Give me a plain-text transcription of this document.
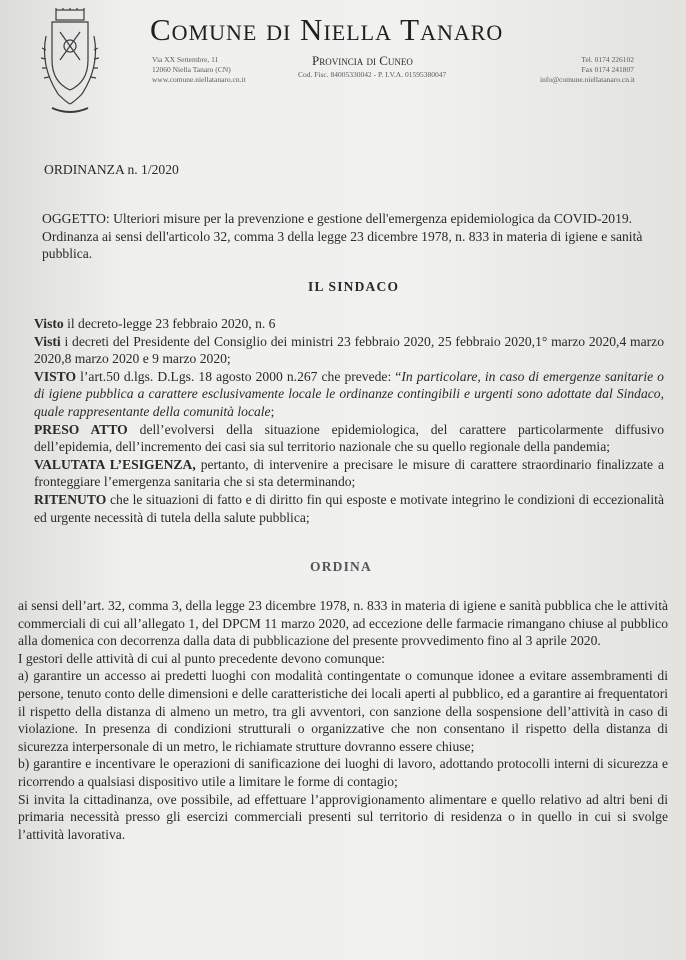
Comune di Niella Tanaro
Via XX Settembre, 11
12060 Niella Tanaro (CN)
www.comune.niellatanaro.cn.it

Provincia di Cuneo

Cod. Fisc. 84005330042 - P. I.V.A. 01595380047
Tel. 0174 226102
Fax 0174 241807
info@comune.niellatanaro.cn.it

ORDINANZA n. 1/2020

OGGETTO: Ulteriori misure per la prevenzione e gestione dell'emergenza epidemiologica da COVID-2019. Ordinanza ai sensi dell'articolo 32, comma 3 della legge 23 dicembre 1978, n. 833 in materia di igiene e sanità pubblica.

IL SINDACO

Visto il decreto-legge 23 febbraio 2020, n. 6

Visti i decreti del Presidente del Consiglio dei ministri 23 febbraio 2020, 25 febbraio 2020,1° marzo 2020,4 marzo 2020,8 marzo 2020 e 9 marzo 2020;

VISTO l’art.50 d.lgs. D.Lgs. 18 agosto 2000 n.267 che prevede: “In particolare, in caso di emergenze sanitarie o di igiene pubblica a carattere esclusivamente locale le ordinanze contingibili e urgenti sono adottate dal Sindaco, quale rappresentante della comunità locale;

PRESO ATTO dell’evolversi della situazione epidemiologica, del carattere particolarmente diffusivo dell’epidemia, dell’incremento dei casi sia sul territorio nazionale che su quello regionale della pandemia;

VALUTATA L’ESIGENZA, pertanto, di intervenire a precisare le misure di carattere straordinario finalizzate a fronteggiare l’emergenza sanitaria che si sta determinando;

RITENUTO che le situazioni di fatto e di diritto fin qui esposte e motivate integrino le condizioni di eccezionalità ed urgente necessità di tutela della salute pubblica;

ORDINA

ai sensi dell’art. 32, comma 3, della legge 23 dicembre 1978, n. 833 in materia di igiene e sanità pubblica che le attività commerciali di cui all’allegato 1, del DPCM 11 marzo 2020, ad eccezione delle farmacie rimangano chiuse al pubblico alla domenica con decorrenza dalla data di pubblicazione del presente provvedimento fino al 3 aprile 2020.

I gestori delle attività di cui al punto precedente devono comunque:

a) garantire un accesso ai predetti luoghi con modalità contingentate o comunque idonee a evitare assembramenti di persone, tenuto conto delle dimensioni e delle caratteristiche dei locali aperti al pubblico, ed a garantire ai frequentatori il rispetto della distanza di almeno un metro, tra gli avventori, con sanzione della sospensione dell’attività in caso di violazione. In presenza di condizioni strutturali o organizzative che non consentano il rispetto della distanza di sicurezza interpersonale di un metro, le richiamate strutture dovranno essere chiuse;

b) garantire e incentivare le operazioni di sanificazione dei luoghi di lavoro, adottando protocolli interni di sicurezza e ricorrendo a qualsiasi dispositivo utile a limitare le forme di contagio;

Si invita la cittadinanza, ove possibile, ad effettuare l’approvigionamento alimentare e quello relativo ad altri beni di primaria necessità presso gli esercizi commerciali presenti sul territorio di residenza o in quello in cui si svolge l’attività lavorativa.
